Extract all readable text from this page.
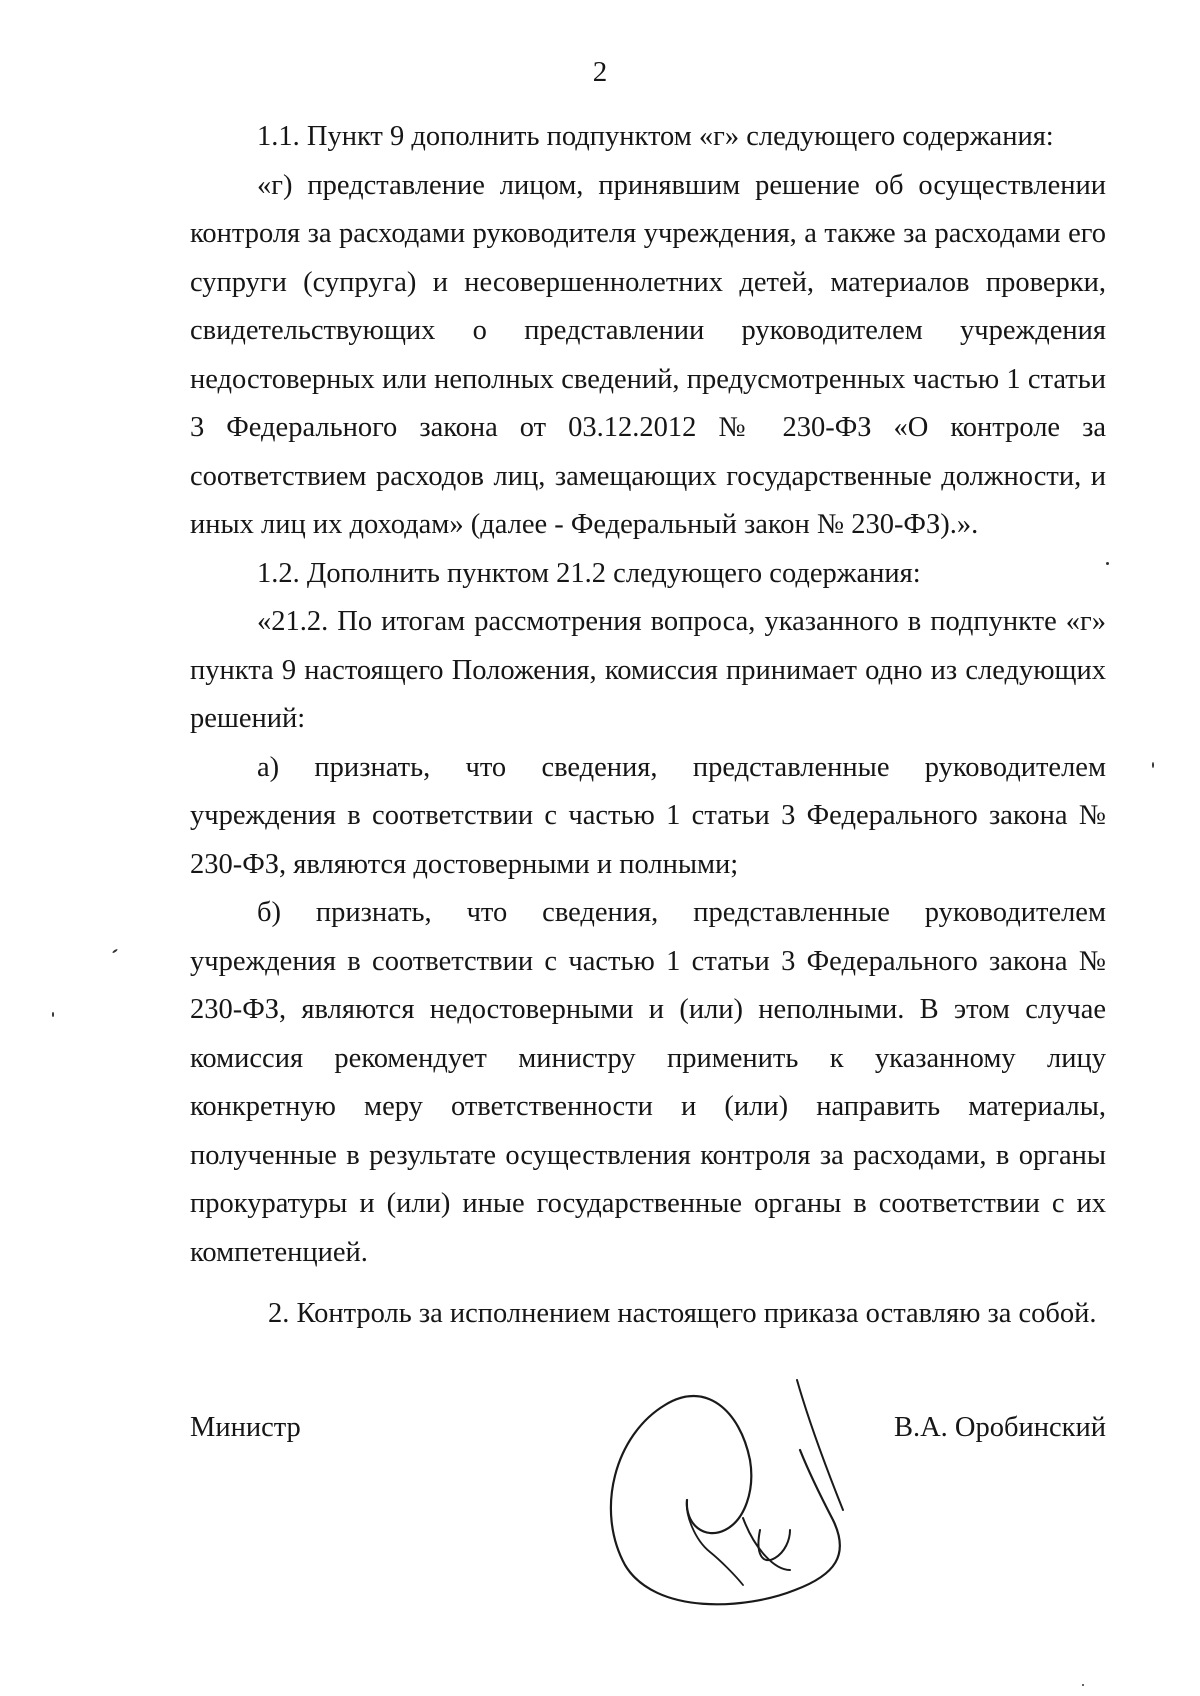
2

1.1. Пункт 9 дополнить подпунктом «г» следующего содержания:

«г) представление лицом, принявшим решение об осуществлении контроля за расходами руководителя учреждения, а также за расходами его супруги (супруга) и несовершеннолетних детей, материалов проверки, свидетельствующих о представлении руководителем учреждения недостоверных или неполных сведений, предусмотренных частью 1 статьи 3 Федерального закона от 03.12.2012 № 230-ФЗ «О контроле за соответствием расходов лиц, замещающих государственные должности, и иных лиц их доходам» (далее - Федеральный закон № 230-ФЗ).».

1.2. Дополнить пунктом 21.2 следующего содержания:

«21.2. По итогам рассмотрения вопроса, указанного в подпункте «г» пункта 9 настоящего Положения, комиссия принимает одно из следующих решений:

а) признать, что сведения, представленные руководителем учреждения в соответствии с частью 1 статьи 3 Федерального закона № 230-ФЗ, являются достоверными и полными;

б) признать, что сведения, представленные руководителем учреждения в соответствии с частью 1 статьи 3 Федерального закона № 230-ФЗ, являются недостоверными и (или) неполными. В этом случае комиссия рекомендует министру применить к указанному лицу конкретную меру ответственности и (или) направить материалы, полученные в результате осуществления контроля за расходами, в органы прокуратуры и (или) иные государственные органы в соответствии с их компетенцией.

2. Контроль за исполнением настоящего приказа оставляю за собой.

Министр	В.А. Оробинский
